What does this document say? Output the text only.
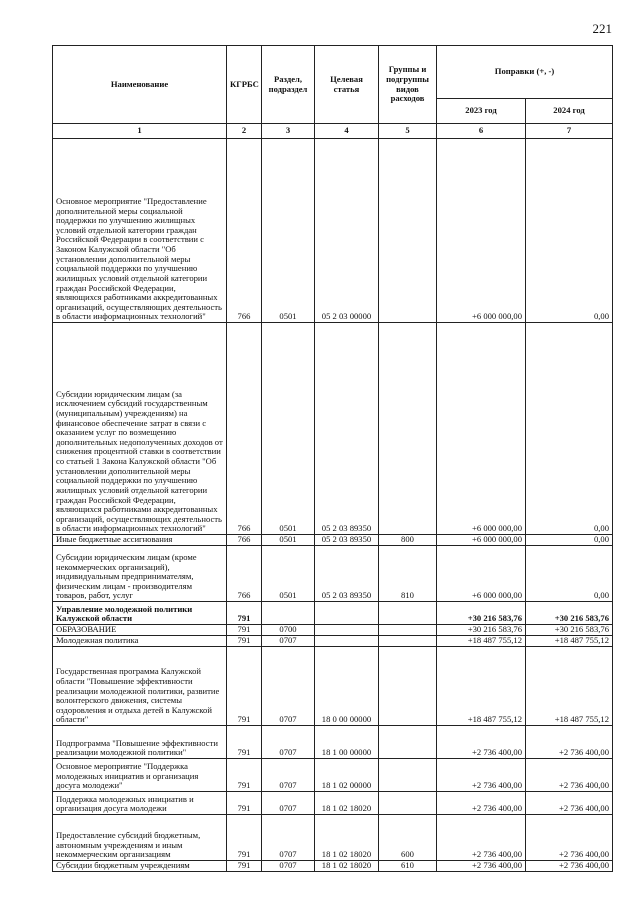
221
Наименование	КГРБС	Раздел, подраздел	Целевая статья	Группы и подгруппы видов расходов	Поправки (+, -)	
					2023 год	2024 год
1	2	3	4	5	6	7
Основное мероприятие "Предоставление дополнительной меры социальной поддержки по улучшению жилищных условий отдельной категории граждан Российской Федерации в соответствии с Законом Калужской области "Об установлении дополнительной меры социальной поддержки по улучшению жилищных условий отдельной категории граждан Российской Федерации, являющихся работниками аккредитованных организаций, осуществляющих деятельность в области информационных технологий"	766	0501	05 2 03 00000		+6 000 000,00	0,00
Субсидии юридическим лицам (за исключением субсидий государственным (муниципальным) учреждениям) на финансовое обеспечение затрат в связи с оказанием услуг по возмещению дополнительных недополученных доходов от снижения процентной ставки в соответствии со статьей 1 Закона Калужской области "Об установлении дополнительной меры социальной поддержки по улучшению жилищных условий отдельной категории граждан Российской Федерации, являющихся работниками аккредитованных организаций, осуществляющих деятельность в области информационных технологий"	766	0501	05 2 03 89350		+6 000 000,00	0,00
Иные бюджетные ассигнования	766	0501	05 2 03 89350	800	+6 000 000,00	0,00
Субсидии юридическим лицам (кроме некоммерческих организаций), индивидуальным предпринимателям, физическим лицам - производителям товаров, работ, услуг	766	0501	05 2 03 89350	810	+6 000 000,00	0,00
Управление молодежной политики Калужской области	791				+30 216 583,76	+30 216 583,76
ОБРАЗОВАНИЕ	791	0700			+30 216 583,76	+30 216 583,76
Молодежная политика	791	0707			+18 487 755,12	+18 487 755,12
Государственная программа Калужской области "Повышение эффективности реализации молодежной политики, развитие волонтерского движения, системы оздоровления и отдыха детей в Калужской области"	791	0707	18 0 00 00000		+18 487 755,12	+18 487 755,12
Подпрограмма "Повышение эффективности реализации молодежной политики"	791	0707	18 1 00 00000		+2 736 400,00	+2 736 400,00
Основное мероприятие "Поддержка молодежных инициатив и организация досуга молодежи"	791	0707	18 1 02 00000		+2 736 400,00	+2 736 400,00
Поддержка молодежных инициатив и организация досуга молодежи	791	0707	18 1 02 18020		+2 736 400,00	+2 736 400,00
Предоставление субсидий бюджетным, автономным учреждениям и иным некоммерческим организациям	791	0707	18 1 02 18020	600	+2 736 400,00	+2 736 400,00
Субсидии бюджетным учреждениям	791	0707	18 1 02 18020	610	+2 736 400,00	+2 736 400,00
